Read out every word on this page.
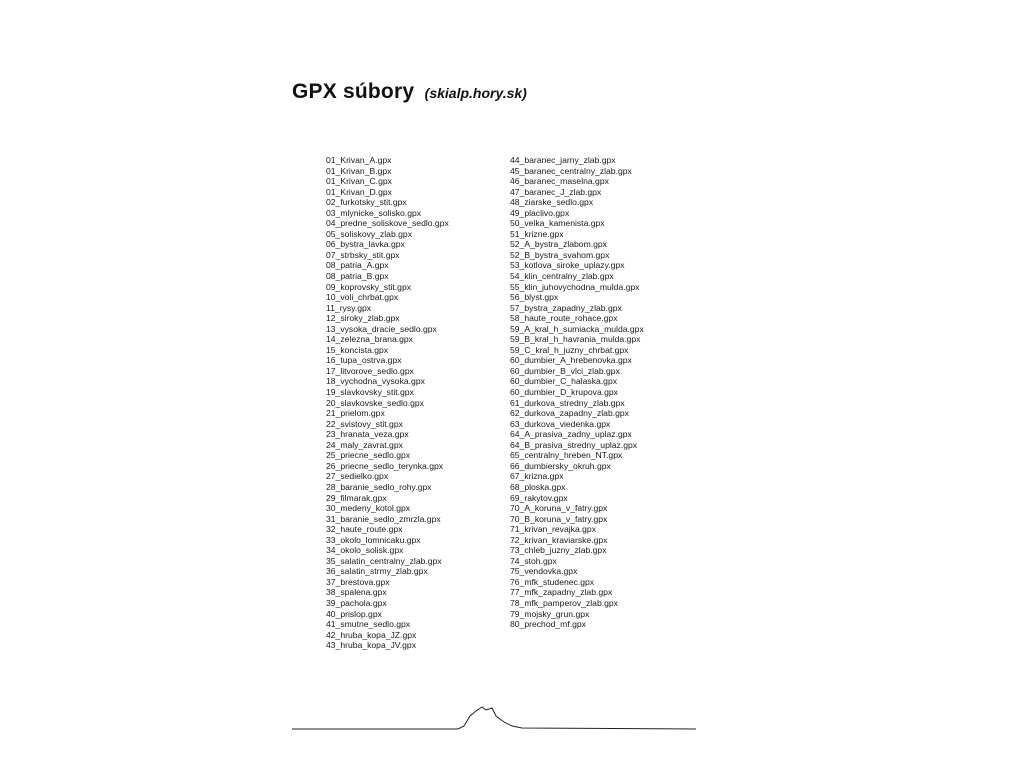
GPX súbory (skialp.hory.sk)
01_Krivan_A.gpx
01_Krivan_B.gpx
01_Krivan_C.gpx
01_Krivan_D.gpx
02_furkotsky_stit.gpx
03_mlynicke_solisko.gpx
04_predne_soliskove_sedlo.gpx
05_soliskovy_zlab.gpx
06_bystra_lavka.gpx
07_strbsky_stit.gpx
08_patria_A.gpx
08_patria_B.gpx
09_koprovsky_stit.gpx
10_voli_chrbat.gpx
11_rysy.gpx
12_siroky_zlab.gpx
13_vysoka_dracie_sedlo.gpx
14_zelezna_brana.gpx
15_koncista.gpx
16_tupa_ostrva.gpx
17_litvorove_sedlo.gpx
18_vychodna_vysoka.gpx
19_slavkovsky_stit.gpx
20_slavkovske_sedlo.gpx
21_prielom.gpx
22_svistovy_stit.gpx
23_hranata_veza.gpx
24_maly_zavrat.gpx
25_priecne_sedlo.gpx
26_priecne_sedlo_terynka.gpx
27_sedielko.gpx
28_baranie_sedlo_rohy.gpx
29_filmarak.gpx
30_medeny_kotol.gpx
31_baranie_sedlo_zmrzla.gpx
32_haute_route.gpx
33_okolo_lomnicaku.gpx
34_okolo_solisk.gpx
35_salatin_centralny_zlab.gpx
36_salatin_strmy_zlab.gpx
37_brestova.gpx
38_spalena.gpx
39_pachola.gpx
40_prislop.gpx
41_smutne_sedlo.gpx
42_hruba_kopa_JZ.gpx
43_hruba_kopa_JV.gpx
44_baranec_jarny_zlab.gpx
45_baranec_centralny_zlab.gpx
46_baranec_maselna.gpx
47_baranec_J_zlab.gpx
48_ziarske_sedlo.gpx
49_placlivo.gpx
50_velka_kamenista.gpx
51_krizne.gpx
52_A_bystra_zlabom.gpx
52_B_bystra_svahom.gpx
53_kotlova_siroke_uplazy.gpx
54_klin_centralny_zlab.gpx
55_klin_juhovychodna_mulda.gpx
56_blyst.gpx
57_bystra_zapadny_zlab.gpx
58_haute_route_rohace.gpx
59_A_kral_h_sumiacka_mulda.gpx
59_B_kral_h_havrania_mulda.gpx
59_C_kral_h_juzny_chrbat.gpx
60_dumbier_A_hrebenovka.gpx
60_dumbier_B_vlci_zlab.gpx
60_dumbier_C_halaska.gpx
60_dumbier_D_krupova.gpx
61_durkova_stredny_zlab.gpx
62_durkova_zapadny_zlab.gpx
63_durkova_viedenka.gpx
64_A_prasiva_zadny_uplaz.gpx
64_B_prasiva_stredny_uplaz.gpx
65_centralny_hreben_NT.gpx
66_dumbiersky_okruh.gpx
67_krizna.gpx
68_ploska.gpx
69_rakytov.gpx
70_A_koruna_v_fatry.gpx
70_B_koruna_v_fatry.gpx
71_krivan_revajka.gpx
72_krivan_kraviarske.gpx
73_chleb_juzny_zlab.gpx
74_stoh.gpx
75_vendovka.gpx
76_mfk_studenec.gpx
77_mfk_zapadny_zlab.gpx
78_mfk_pamperov_zlab.gpx
79_mojsky_grun.gpx
80_prechod_mf.gpx
